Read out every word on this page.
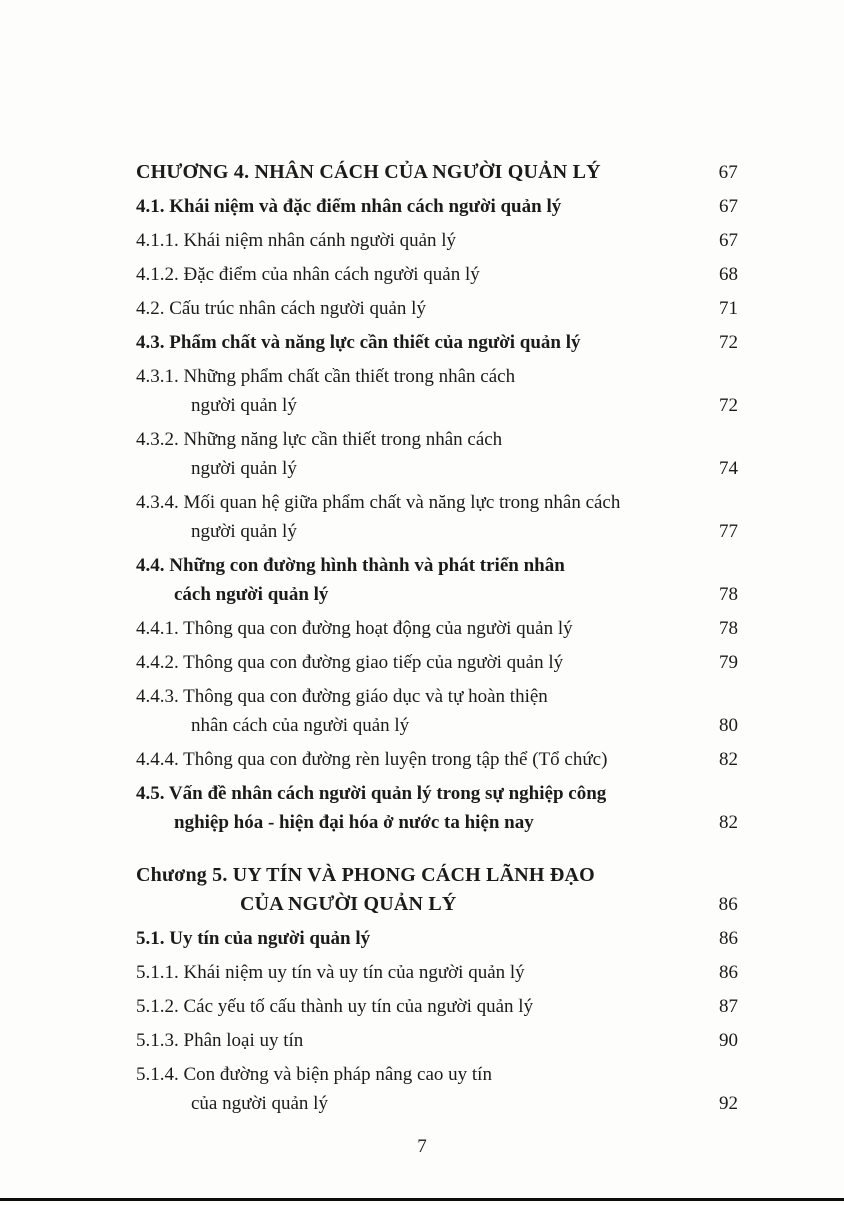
CHƯƠNG 4. NHÂN CÁCH CỦA NGƯỜI QUẢN LÝ	67
4.1. Khái niệm và đặc điểm nhân cách người quản lý	67
4.1.1. Khái niệm nhân cánh người quản lý	67
4.1.2. Đặc điểm của nhân cách người quản lý	68
4.2. Cấu trúc nhân cách người quản lý	71
4.3. Phẩm chất và năng lực cần thiết của người quản lý	72
4.3.1. Những phẩm chất cần thiết trong nhân cách
người quản lý	72
4.3.2. Những năng lực cần thiết trong nhân cách
người quản lý	74
4.3.4. Mối quan hệ giữa phẩm chất và năng lực trong nhân cách
người quản lý	77
4.4. Những con đường hình thành và phát triển nhân
cách người quản lý	78
4.4.1. Thông qua con đường hoạt động của người quản lý	78
4.4.2. Thông qua con đường giao tiếp của người quản lý	79
4.4.3. Thông qua con đường giáo dục và tự hoàn thiện
nhân cách của người quản lý	80
4.4.4. Thông qua con đường rèn luyện trong tập thể (Tổ chức)	82
4.5. Vấn đề nhân cách người quản lý trong sự nghiệp công
nghiệp hóa - hiện đại hóa ở nước ta hiện nay	82
Chương 5. UY TÍN VÀ PHONG CÁCH LÃNH ĐẠO
CỦA NGƯỜI QUẢN LÝ	86
5.1. Uy tín của người quản lý	86
5.1.1. Khái niệm uy tín và uy tín của người quản lý	86
5.1.2. Các yếu tố cấu thành uy tín của người quản lý	87
5.1.3. Phân loại uy tín	90
5.1.4. Con đường và biện pháp nâng cao uy tín
của người quản lý	92
7
